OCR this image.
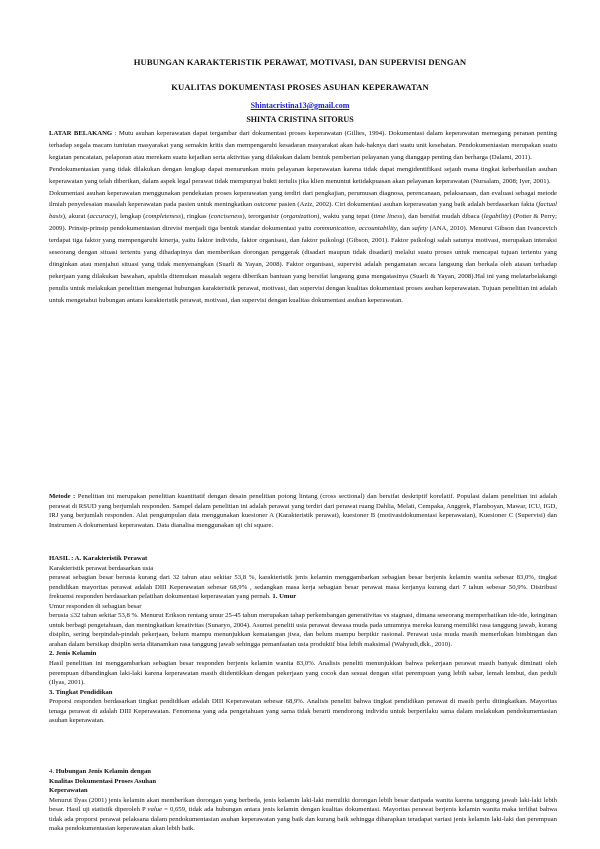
HUBUNGAN KARAKTERISTIK PERAWAT, MOTIVASI, DAN SUPERVISI DENGAN
KUALITAS DOKUMENTASI PROSES ASUHAN KEPERAWATAN
Shintacristina13@gmail.com
SHINTA CRISTINA SITORUS

LATAR BELAKANG : Mutu asuhan keperawatan dapat tergambar dari dokumentasi proses keperawatan (Gillies, 1994). Dokumentasi dalam keperawatan memegang peranan penting terhadap segala macam tuntutan masyarakat yang semakin kritis dan mempengaruhi kesadaran masyarakat akan hak-haknya dari suatu unit kesehatan. Pendokumentasian merupakan suatu kegiatan pencatatan, pelaporan atau merekam suatu kejadian serta aktivitas yang dilakukan dalam bentuk pemberian pelayanan yang dianggap penting dan berharga (Dalami, 2011).

Pendokumentasian yang tidak dilakukan dengan lengkap dapat menurunkan mutu pelayanan keperawatan karena tidak dapat mengidentifikasi sejauh mana tingkat keberhasilan asuhan keperawatan yang telah diberikan, dalam aspek legal perawat tidak mempunyai bukti tertulis jika klien menuntut ketidakpuasan akan pelayanan keperawatan (Nursalam, 2008; Iyer, 2001).

Dokumentasi asuhan keperawatan menggunakan pendekatan proses keperawatan yang terdiri dari pengkajian, perumusan diagnosa, perencanaan, pelaksanaan, dan evaluasi sebagai metode ilmiah penyelesaian masalah keperawatan pada pasien untuk meningkatkan outcome pasien (Aziz, 2002). Ciri dokumentasi asuhan keperawatan yang baik adalah berdasarkan fakta (factual basis), akurat (accuracy), lengkap (completeness), ringkas (conciseness), terorganisir (organization), waktu yang tepat (time liness), dan bersifat mudah dibaca (legability) (Potter & Perry; 2009). Prinsip-prinsip pendokumentasian direvisi menjadi tiga bentuk standar dokumentasi yaitu communication, accountability, dan safety (ANA, 2010). Menurut Gibson dan Ivancevich terdapat tiga faktor yang mempengaruhi kinerja, yaitu faktor individu, faktor organisasi, dan faktor psikologi (Gibson, 2001). Faktor psikologi salah satunya motivasi, merupakan interaksi seseorang dengan situasi tertentu yang dihadapinya dan memberikan dorongan penggerak (disadari maupun tidak disadari) melalui suatu proses untuk mencapai tujuan tertentu yang diinginkan atau menjahui situasi yang tidak menyenangkan (Suarli & Yayan, 2008). Faktor organisasi, supervisi adalah pengamatan secara langsung dan berkala oleh atasan terhadap pekerjaan yang dilakukan bawahan, apabila ditemukan masalah segera diberikan bantuan yang bersifat langsung guna mengatasinya (Suarli & Yayan, 2008).Hal ini yang melatarbelakangi penulis untuk melakukan penelitian mengenai hubungan karakteristik perawat, motivasi, dan supervisi dengan kualitas dokumentasi proses asuhan keperawatan. Tujuan penelitian ini adalah untuk mengetahui hubungan antara karakteristik perawat, motivasi, dan supervisi dengan kualitas dokumentasi asuhan keperawatan.

Metode : Penelitian ini merupakan penelitian kuantitatif dengan desain penelitian potong lintang (cross sectional) dan bersifat deskriptif korelatif. Populasi dalam penelitian ini adalah perawat di RSUD yang berjumlah responden. Sampel dalam penelitian ini adalah perawat yang terdiri dari perawat ruang Dahlia, Melati, Cempaka, Anggrek, Flamboyan, Mawar, ICU, IGD, IRJ yang berjumlah responden. Alat pengumpulan data menggunakan kuesioner A (Karakteristik perawat), kuesioner B (motivasidokumentasi keperawatan), Kuesioner C (Supervisi) dan Instrumen A dokumentasi keperawatan. Data dianalisa menggunakan uji chi square.

HASIL : A. Karakteristik Perawat

Karakteristik perawat berdasarkan usia

perawat sebagian besar berusia kurang dari 32 tahun atau sekitar 53,8 %, karakteristik jenis kelamin menggambarkan sebagian besar berjenis kelamin wanita sebesar 83,0%, tingkat pendidikan mayoritas perawat adalah DIII Keperawatan sebesar 68,9% , sedangkan masa kerja sebagian besar perawat masa kerjanya kurang dari 7 tahun sebesar 50,9%. Distribusi frekuensi responden berdasarkan pelatihan dokumentasi keperawatan yang pernah. 1. Umur

Umur responden di sebagian besar

berusia ≤32 tahun sekitar 53,8 %. Menurut Erikson rentang umur 25-45 tahun merupakan tahap perkembangan generativitas vs stagnasi, dimana seseorang memperhatikan ide-ide, keinginan untuk berbagi pengetahuan, dan meningkatkan kreativitas (Sunaryo, 2004). Asumsi peneliti usia perawat dewasa muda pada umumnya mereka kurang memiliki rasa tanggung jawab, kurang disiplin, sering berpindah-pindah pekerjaan, belum mampu menunjukkan kematangan jiwa, dan belum mampu berpikir rasional. Perawat usia muda masih memerlukan bimbingan dan arahan dalam bersikap disiplin serta ditanamkan rasa tanggung jawab sehingga pemanfaatan usia produktif bisa lebih maksimal (Wahyudi,dkk., 2010).

2. Jenis Kelamin

Hasil penelitian ini menggambarkan sebagian besar responden berjenis kelamin wanita 83,0%. Analisis peneliti menunjukkan bahwa pekerjaan perawat masih banyak diminati oleh perempuan dibandingkan laki-laki karena keperawatan masih diidentikkan dengan pekerjaan yang cocok dan sesuai dengan sifat perempuan yang lebih sabar, lemah lembut, dan peduli (Ilyas, 2001).

3. Tingkat Pendidikan

Proporsi responden berdasarkan tingkat pendidikan adalah DIII Keperawatan sebesar 68,9%. Analisis peneliti bahwa tingkat pendidikan perawat di masih perlu ditingkatkan. Mayoritas tenaga perawat di adalah DIII Keperawatan. Fenomena yang ada pengetahuan yang sama tidak berarti mendorong individu untuk berperilaku sama dalam melakukan pendokumentasian asuhan keperawatan.

4. Hubungan Jenis Kelamin dengan

Kualitas Dokumentasi Proses Asuhan

Keperawatan

Menurut Ilyas (2001) jenis kelamin akan memberikan dorongan yang berbeda, jenis kelamin laki-laki memiliki dorongan lebih besar daripada wanita karena tanggung jawab laki-laki lebih besar. Hasil uji statistik diperoleh P value = 0,659, tidak ada hubungan antara jenis kelamin dengan kualitas dokumentasi. Mayoritas perawat berjenis kelamin wanita maka terlihat bahwa tidak ada proporsi perawat pelaksana dalam pendokumentasian asuhan keperawatan yang baik dan kurang baik sehingga diharapkan teradapat variasi jenis kelamin laki-laki dan perempuan maka pendokumentasian keperawatan akan lebih baik.
